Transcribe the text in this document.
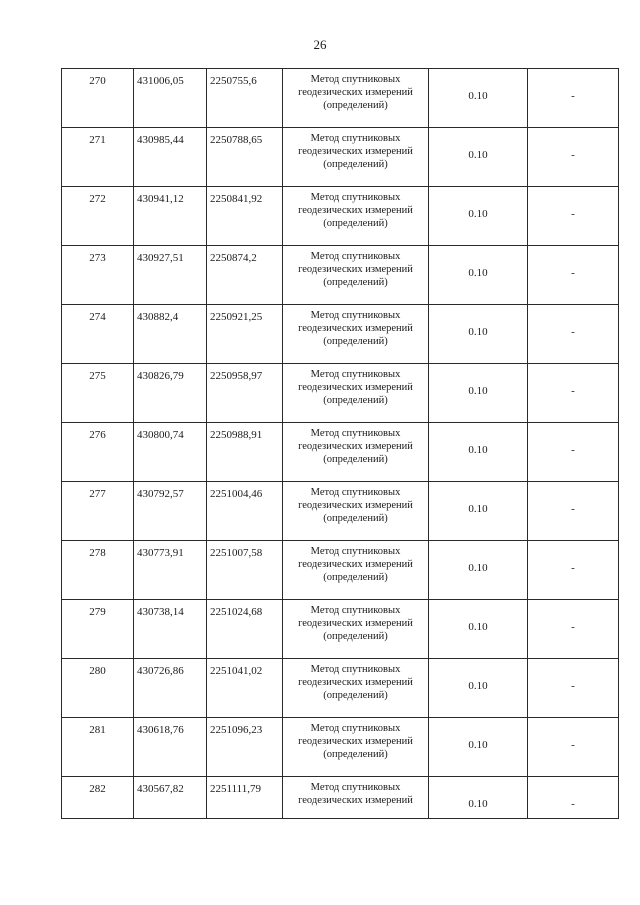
26
270	431006,05	2250755,6	Метод спутниковых
геодезических измерений
(определений)	0.10	-

271	430985,44	2250788,65	Метод спутниковых
геодезических измерений
(определений)	0.10	-

272	430941,12	2250841,92	Метод спутниковых
геодезических измерений
(определений)	0.10	-

273	430927,51	2250874,2	Метод спутниковых
геодезических измерений
(определений)	0.10	-

274	430882,4	2250921,25	Метод спутниковых
геодезических измерений
(определений)	0.10	-

275	430826,79	2250958,97	Метод спутниковых
геодезических измерений
(определений)	0.10	-

276	430800,74	2250988,91	Метод спутниковых
геодезических измерений
(определений)	0.10	-

277	430792,57	2251004,46	Метод спутниковых
геодезических измерений
(определений)	0.10	-

278	430773,91	2251007,58	Метод спутниковых
геодезических измерений
(определений)	0.10	-

279	430738,14	2251024,68	Метод спутниковых
геодезических измерений
(определений)	0.10	-

280	430726,86	2251041,02	Метод спутниковых
геодезических измерений
(определений)	0.10	-

281	430618,76	2251096,23	Метод спутниковых
геодезических измерений
(определений)	0.10	-

282	430567,82	2251111,79	Метод спутниковых
геодезических измерений	0.10	-
